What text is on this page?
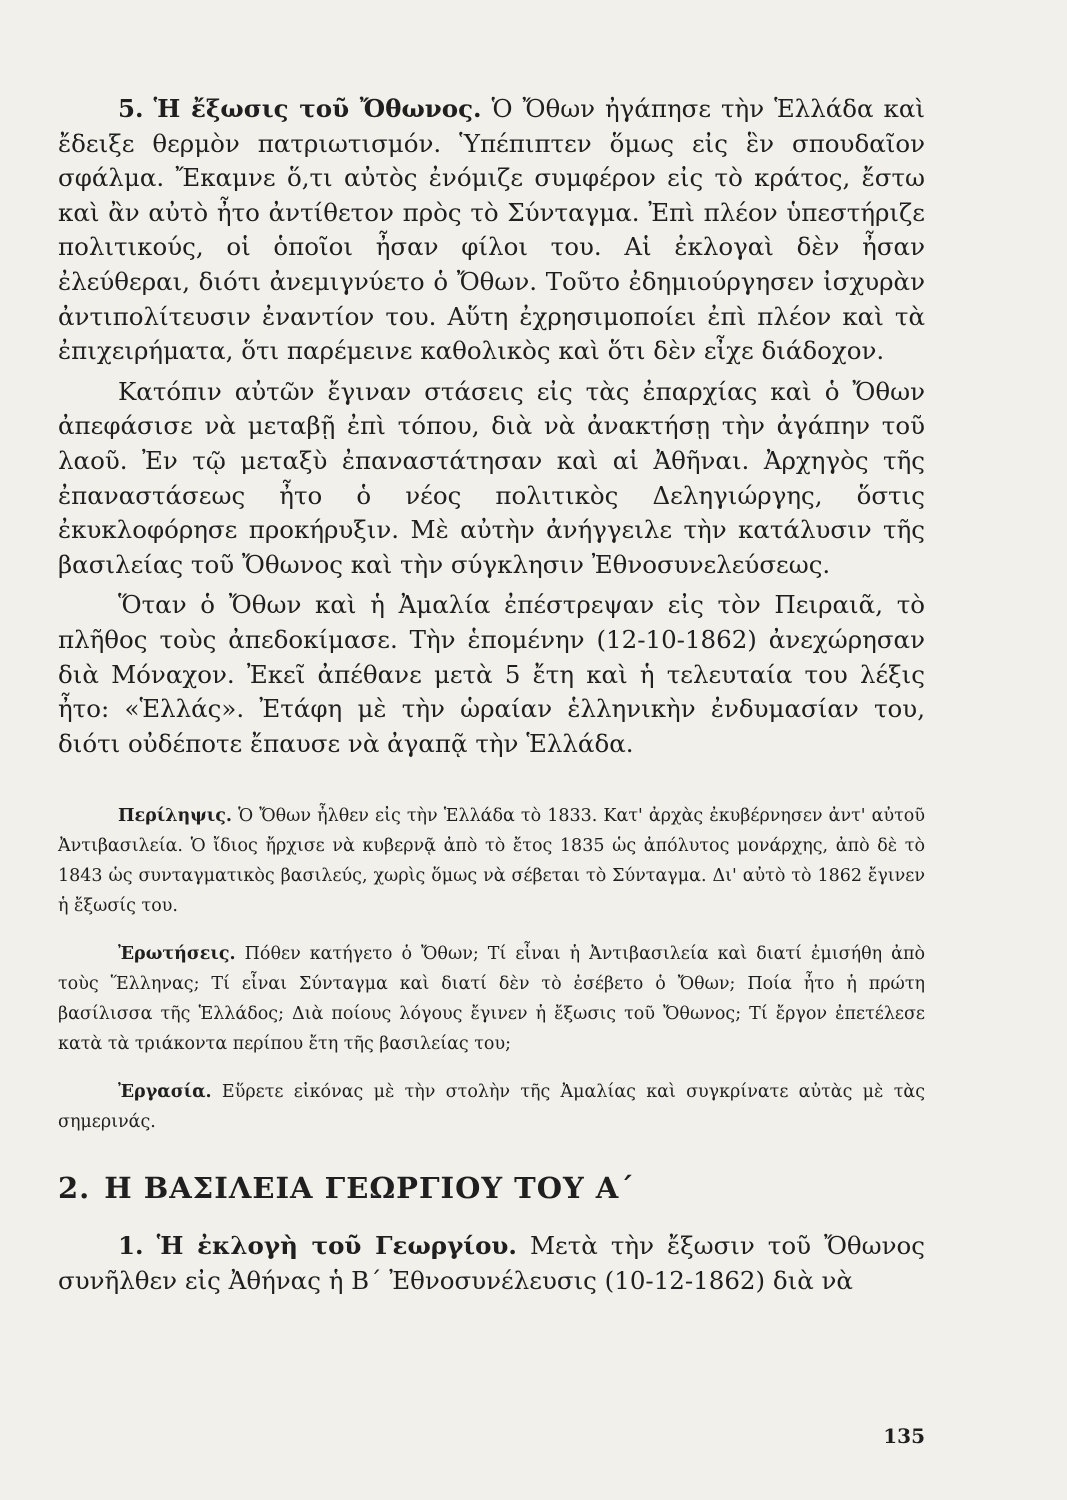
5. Ἡ ἔξωσις τοῦ Ὄθωνος. Ὁ Ὄθων ἠγάπησε τὴν Ἑλλάδα καὶ ἔδειξε θερμὸν πατριωτισμόν. Ὑπέπιπτεν ὅμως εἰς ἓν σπουδαῖον σφάλμα. Ἔκαμνε ὅ,τι αὐτὸς ἐνόμιζε συμφέρον εἰς τὸ κράτος, ἔστω καὶ ἂν αὐτὸ ἦτο ἀντίθετον πρὸς τὸ Σύνταγμα. Ἐπὶ πλέον ὑπεστήριζε πολιτικούς, οἱ ὁποῖοι ἦσαν φίλοι του. Αἱ ἐκλογαὶ δὲν ἦσαν ἐλεύθεραι, διότι ἀνεμιγνύετο ὁ Ὄθων. Τοῦτο ἐδημιούργησεν ἰσχυρὰν ἀντιπολίτευσιν ἐναντίον του. Αὕτη ἐχρησιμοποίει ἐπὶ πλέον καὶ τὰ ἐπιχειρήματα, ὅτι παρέμεινε καθολικὸς καὶ ὅτι δὲν εἶχε διάδοχον.

Κατόπιν αὐτῶν ἔγιναν στάσεις εἰς τὰς ἐπαρχίας καὶ ὁ Ὄθων ἀπεφάσισε νὰ μεταβῇ ἐπὶ τόπου, διὰ νὰ ἀνακτήσῃ τὴν ἀγάπην τοῦ λαοῦ. Ἐν τῷ μεταξὺ ἐπαναστάτησαν καὶ αἱ Ἀθῆναι. Ἀρχηγὸς τῆς ἐπαναστάσεως ἦτο ὁ νέος πολιτικὸς Δεληγιώργης, ὅστις ἐκυκλοφόρησε προκήρυξιν. Μὲ αὐτὴν ἀνήγγειλε τὴν κατάλυσιν τῆς βασιλείας τοῦ Ὄθωνος καὶ τὴν σύγκλησιν Ἐθνοσυνελεύσεως.

Ὅταν ὁ Ὄθων καὶ ἡ Ἀμαλία ἐπέστρεψαν εἰς τὸν Πειραιᾶ, τὸ πλῆθος τοὺς ἀπεδοκίμασε. Τὴν ἑπομένην (12-10-1862) ἀνεχώρησαν διὰ Μόναχον. Ἐκεῖ ἀπέθανε μετὰ 5 ἔτη καὶ ἡ τελευταία του λέξις ἦτο: «Ἑλλάς». Ἐτάφη μὲ τὴν ὡραίαν ἑλληνικὴν ἐνδυμασίαν του, διότι οὐδέποτε ἔπαυσε νὰ ἀγαπᾷ τὴν Ἑλλάδα.

Περίληψις. Ὁ Ὄθων ἦλθεν εἰς τὴν Ἑλλάδα τὸ 1833. Κατ' ἀρχὰς ἐκυβέρνησεν ἀντ' αὐτοῦ Ἀντιβασιλεία. Ὁ ἴδιος ἤρχισε νὰ κυβερνᾷ ἀπὸ τὸ ἔτος 1835 ὡς ἀπόλυτος μονάρχης, ἀπὸ δὲ τὸ 1843 ὡς συνταγματικὸς βασιλεύς, χωρὶς ὅμως νὰ σέβεται τὸ Σύνταγμα. Δι' αὐτὸ τὸ 1862 ἔγινεν ἡ ἔξωσίς του.

Ἐρωτήσεις. Πόθεν κατήγετο ὁ Ὄθων; Τί εἶναι ἡ Ἀντιβασιλεία καὶ διατί ἐμισήθη ἀπὸ τοὺς Ἕλληνας; Τί εἶναι Σύνταγμα καὶ διατί δὲν τὸ ἐσέβετο ὁ Ὄθων; Ποία ἦτο ἡ πρώτη βασίλισσα τῆς Ἑλλάδος; Διὰ ποίους λόγους ἔγινεν ἡ ἔξωσις τοῦ Ὄθωνος; Τί ἔργον ἐπετέλεσε κατὰ τὰ τριάκοντα περίπου ἔτη τῆς βασιλείας του;

Ἐργασία. Εὕρετε εἰκόνας μὲ τὴν στολὴν τῆς Ἀμαλίας καὶ συγκρίνατε αὐτὰς μὲ τὰς σημερινάς.

2. Η ΒΑΣΙΛΕΙΑ ΓΕΩΡΓΙΟΥ ΤΟΥ Α΄

1. Ἡ ἐκλογὴ τοῦ Γεωργίου. Μετὰ τὴν ἔξωσιν τοῦ Ὄθωνος συνῆλθεν εἰς Ἀθήνας ἡ Β΄ Ἐθνοσυνέλευσις (10-12-1862) διὰ νὰ

135
